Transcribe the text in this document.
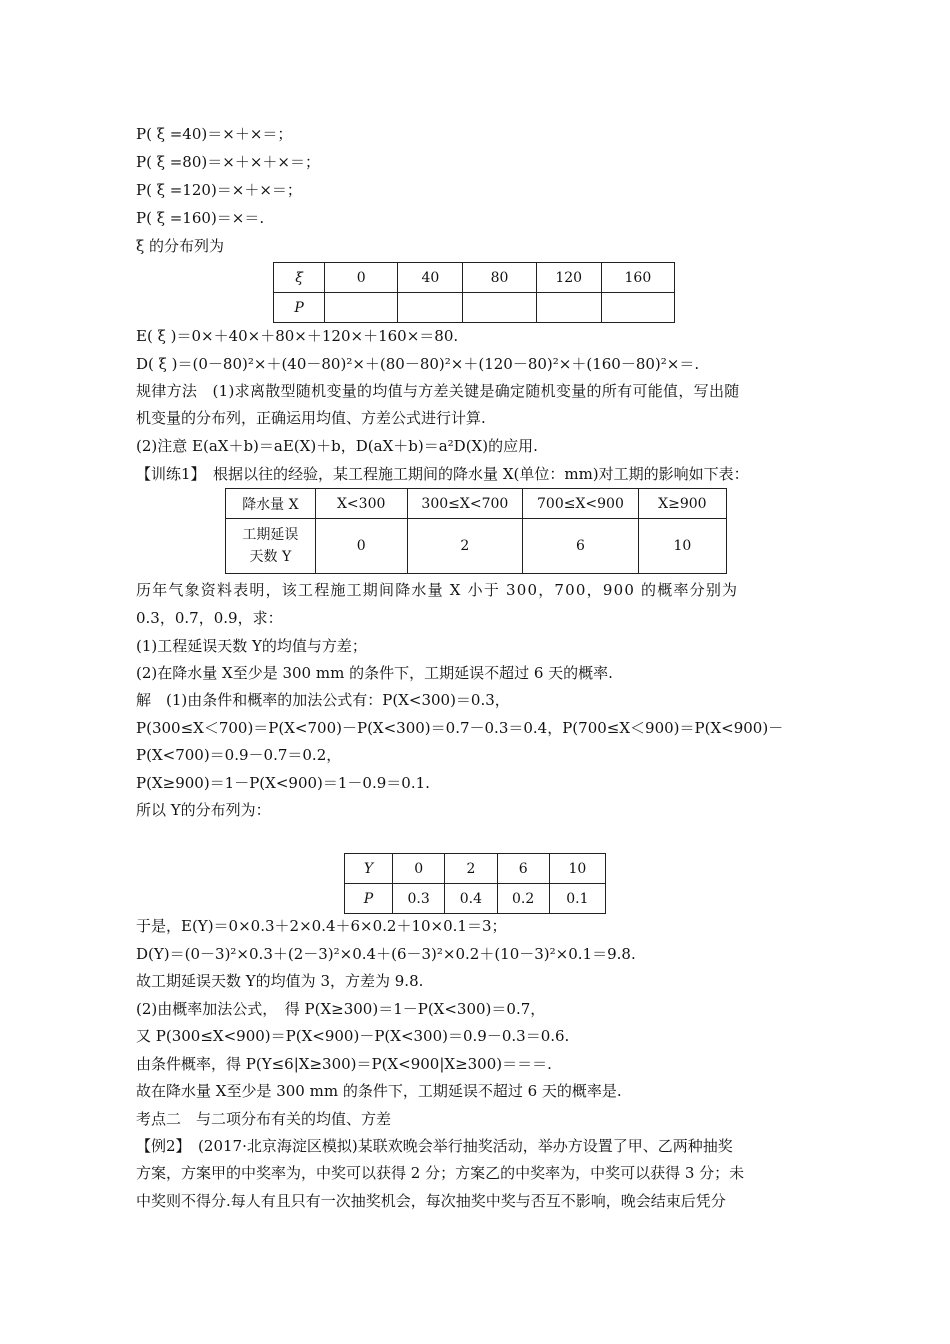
P( ξ =40)＝×＋×＝；
P( ξ =80)＝×＋×＋×＝；
P( ξ =120)＝×＋×＝；
P( ξ =160)＝×＝.
ξ 的分布列为
ξ	0	40	80	120	160
P					
E( ξ )＝0×＋40×＋80×＋120×＋160×＝80.
D( ξ )＝(0－80)²×＋(40－80)²×＋(80－80)²×＋(120－80)²×＋(160－80)²×＝.
规律方法　(1)求离散型随机变量的均值与方差关键是确定随机变量的所有可能值，写出随
机变量的分布列，正确运用均值、方差公式进行计算.
(2)注意 E(aX＋b)＝aE(X)＋b，D(aX＋b)＝a²D(X)的应用.
【训练1】　根据以往的经验，某工程施工期间的降水量 X(单位：mm)对工期的影响如下表：
降水量 X	X<300	300≤X<700	700≤X<900	X≥900

工期延误
天数 Y	0	2	6	10
历年气象资料表明，该工程施工期间降水量 X 小于 300，700，900 的概率分别为
0.3，0.7，0.9，求：
(1)工程延误天数 Y的均值与方差；
(2)在降水量 X至少是 300 mm 的条件下，工期延误不超过 6 天的概率.
解　(1)由条件和概率的加法公式有：P(X<300)＝0.3，
P(300≤X＜700)＝P(X<700)－P(X<300)＝0.7－0.3＝0.4，P(700≤X＜900)＝P(X<900)－
P(X<700)＝0.9－0.7＝0.2，
P(X≥900)＝1－P(X<900)＝1－0.9＝0.1.
所以 Y的分布列为：
Y	0	2	6	10
P	0.3	0.4	0.2	0.1
于是，E(Y)＝0×0.3＋2×0.4＋6×0.2＋10×0.1＝3；
D(Y)＝(0－3)²×0.3＋(2－3)²×0.4＋(6－3)²×0.2＋(10－3)²×0.1＝9.8.
故工期延误天数 Y的均值为 3，方差为 9.8.
(2)由概率加法公式，　得 P(X≥300)＝1－P(X<300)＝0.7，
又 P(300≤X<900)＝P(X<900)－P(X<300)＝0.9－0.3＝0.6.
由条件概率，得 P(Y≤6|X≥300)＝P(X<900|X≥300)＝＝＝.
故在降水量 X至少是 300 mm 的条件下，工期延误不超过 6 天的概率是.
考点二　与二项分布有关的均值、方差
【例2】　(2017·北京海淀区模拟)某联欢晚会举行抽奖活动，举办方设置了甲、乙两种抽奖
方案，方案甲的中奖率为，中奖可以获得 2 分；方案乙的中奖率为，中奖可以获得 3 分；未
中奖则不得分.每人有且只有一次抽奖机会，每次抽奖中奖与否互不影响，晚会结束后凭分
